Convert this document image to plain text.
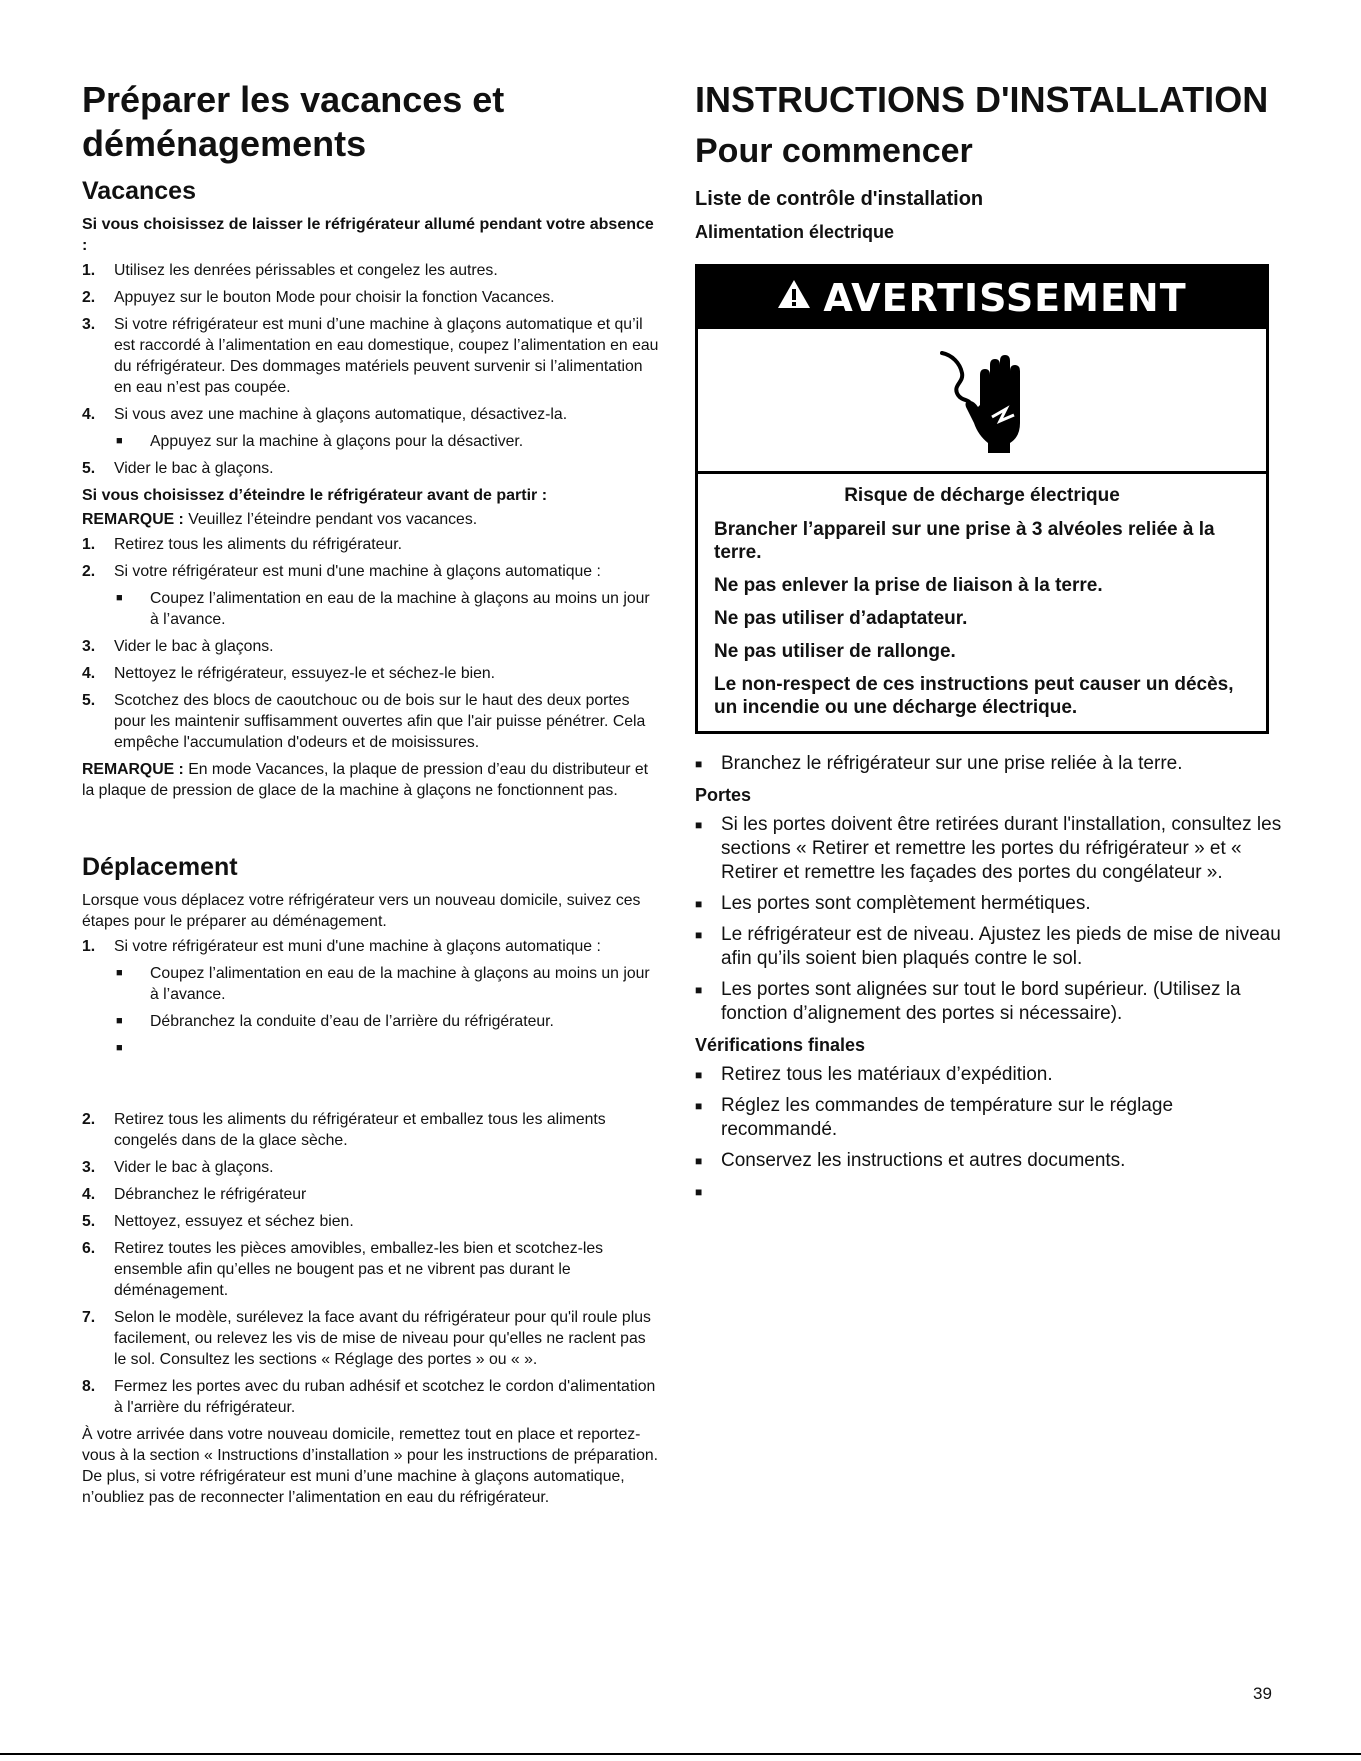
Préparer les vacances et déménagements
Vacances
Si vous choisissez de laisser le réfrigérateur allumé pendant votre absence :
1.	Utilisez les denrées périssables et congelez les autres.
2.	Appuyez sur le bouton Mode pour choisir la fonction Vacances.
3.	Si votre réfrigérateur est muni d’une machine à glaçons automatique et qu’il est raccordé à l’alimentation en eau domestique, coupez l’alimentation en eau du réfrigérateur. Des dommages matériels peuvent survenir si l’alimentation en eau n’est pas coupée.
4.	Si vous avez une machine à glaçons automatique, désactivez-la.
■	Appuyez sur la machine à glaçons pour la désactiver.
5.	Vider le bac à glaçons.
Si vous choisissez d’éteindre le réfrigérateur avant de partir :
REMARQUE : Veuillez l’éteindre pendant vos vacances.
1.	Retirez tous les aliments du réfrigérateur.
2.	Si votre réfrigérateur est muni d'une machine à glaçons automatique :
■	Coupez l’alimentation en eau de la machine à glaçons au moins un jour à l’avance.
3.	Vider le bac à glaçons.
4.	Nettoyez le réfrigérateur, essuyez-le et séchez-le bien.
5.	Scotchez des blocs de caoutchouc ou de bois sur le haut des deux portes pour les maintenir suffisamment ouvertes afin que l'air puisse pénétrer. Cela empêche l'accumulation d'odeurs et de moisissures.
REMARQUE : En mode Vacances, la plaque de pression d’eau du distributeur et la plaque de pression de glace de la machine à glaçons ne fonctionnent pas.
Déplacement
Lorsque vous déplacez votre réfrigérateur vers un nouveau domicile, suivez ces étapes pour le préparer au déménagement.
1.	Si votre réfrigérateur est muni d'une machine à glaçons automatique :
■	Coupez l’alimentation en eau de la machine à glaçons au moins un jour à l’avance.
■	Débranchez la conduite d’eau de l’arrière du réfrigérateur.
■
2.	Retirez tous les aliments du réfrigérateur et emballez tous les aliments congelés dans de la glace sèche.
3.	Vider le bac à glaçons.
4.	Débranchez le réfrigérateur
5.	Nettoyez, essuyez et séchez bien.
6.	Retirez toutes les pièces amovibles, emballez-les bien et scotchez-les ensemble afin qu’elles ne bougent pas et ne vibrent pas durant le déménagement.
7.	Selon le modèle, surélevez la face avant du réfrigérateur pour qu'il roule plus facilement, ou relevez les vis de mise de niveau pour qu'elles ne raclent pas le sol. Consultez les sections « Réglage des portes » ou « ».
8.	Fermez les portes avec du ruban adhésif et scotchez le cordon d'alimentation à l'arrière du réfrigérateur.
À votre arrivée dans votre nouveau domicile, remettez tout en place et reportez-vous à la section « Instructions d’installation » pour les instructions de préparation. De plus, si votre réfrigérateur est muni d’une machine à glaçons automatique, n’oubliez pas de reconnecter l’alimentation en eau du réfrigérateur.
INSTRUCTIONS D'INSTALLATION
Pour commencer
Liste de contrôle d'installation
Alimentation électrique
AVERTISSEMENT
Risque de décharge électrique
Brancher l’appareil sur une prise à 3 alvéoles reliée à la terre.
Ne pas enlever la prise de liaison à la terre.
Ne pas utiliser d’adaptateur.
Ne pas utiliser de rallonge.
Le non-respect de ces instructions peut causer un décès, un incendie ou une décharge électrique.
■ Branchez le réfrigérateur sur une prise reliée à la terre.
Portes
■ Si les portes doivent être retirées durant l'installation, consultez les sections « Retirer et remettre les portes du réfrigérateur » et « Retirer et remettre les façades des portes du congélateur ».
■ Les portes sont complètement hermétiques.
■ Le réfrigérateur est de niveau. Ajustez les pieds de mise de niveau afin qu’ils soient bien plaqués contre le sol.
■ Les portes sont alignées sur tout le bord supérieur. (Utilisez la fonction d’alignement des portes si nécessaire).
Vérifications finales
■ Retirez tous les matériaux d’expédition.
■ Réglez les commandes de température sur le réglage recommandé.
■ Conservez les instructions et autres documents.
■
39
